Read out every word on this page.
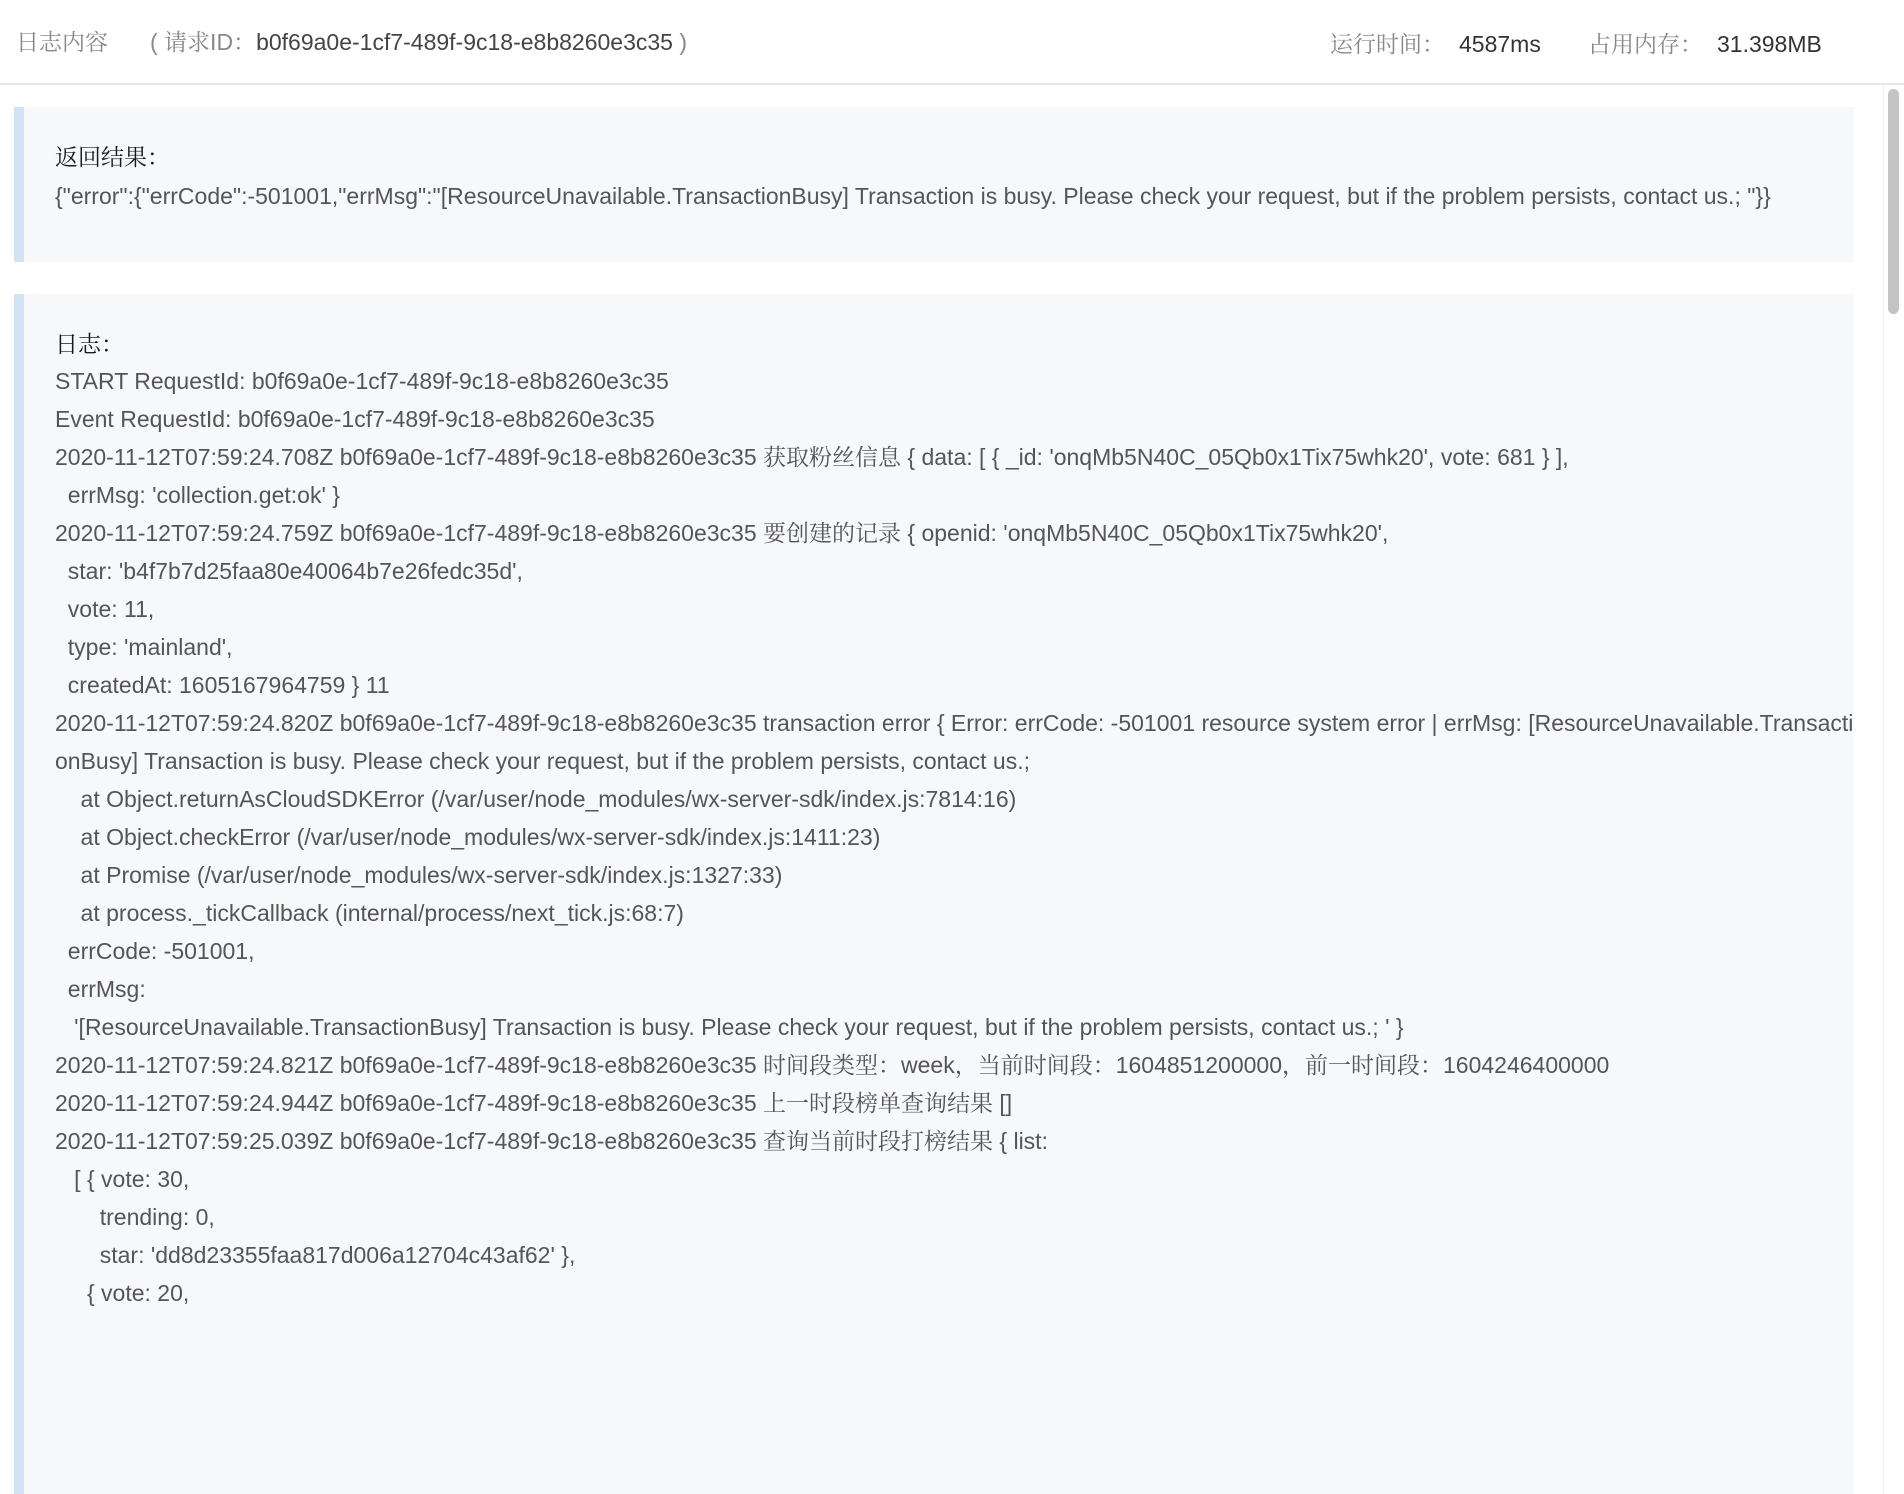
日志内容 ( 请求ID：b0f69a0e-1cf7-489f-9c18-e8b8260e3c35 )	运行时间： 4587ms 占用内存： 31.398MB
返回结果：
{"error":{"errCode":-501001,"errMsg":"[ResourceUnavailable.TransactionBusy] Transaction is busy. Please check your request, but if the problem persists, contact us.; "}}
日志：
START RequestId: b0f69a0e-1cf7-489f-9c18-e8b8260e3c35
Event RequestId: b0f69a0e-1cf7-489f-9c18-e8b8260e3c35
2020-11-12T07:59:24.708Z b0f69a0e-1cf7-489f-9c18-e8b8260e3c35 获取粉丝信息 { data: [ { _id: 'onqMb5N40C_05Qb0x1Tix75whk20', vote: 681 } ],
errMsg: 'collection.get:ok' }
2020-11-12T07:59:24.759Z b0f69a0e-1cf7-489f-9c18-e8b8260e3c35 要创建的记录 { openid: 'onqMb5N40C_05Qb0x1Tix75whk20',
star: 'b4f7b7d25faa80e40064b7e26fedc35d',
vote: 11,
type: 'mainland',
createdAt: 1605167964759 } 11
2020-11-12T07:59:24.820Z b0f69a0e-1cf7-489f-9c18-e8b8260e3c35 transaction error { Error: errCode: -501001 resource system error | errMsg: [ResourceUnavailable.TransactionBusy] Transaction is busy. Please check your request, but if the problem persists, contact us.;
at Object.returnAsCloudSDKError (/var/user/node_modules/wx-server-sdk/index.js:7814:16)
at Object.checkError (/var/user/node_modules/wx-server-sdk/index.js:1411:23)
at Promise (/var/user/node_modules/wx-server-sdk/index.js:1327:33)
at process._tickCallback (internal/process/next_tick.js:68:7)
errCode: -501001,
errMsg:
'[ResourceUnavailable.TransactionBusy] Transaction is busy. Please check your request, but if the problem persists, contact us.; ' }
2020-11-12T07:59:24.821Z b0f69a0e-1cf7-489f-9c18-e8b8260e3c35 时间段类型：week，当前时间段：1604851200000，前一时间段：1604246400000
2020-11-12T07:59:24.944Z b0f69a0e-1cf7-489f-9c18-e8b8260e3c35 上一时段榜单查询结果 []
2020-11-12T07:59:25.039Z b0f69a0e-1cf7-489f-9c18-e8b8260e3c35 查询当前时段打榜结果 { list:
[ { vote: 30,
trending: 0,
star: 'dd8d23355faa817d006a12704c43af62' },
{ vote: 20,
